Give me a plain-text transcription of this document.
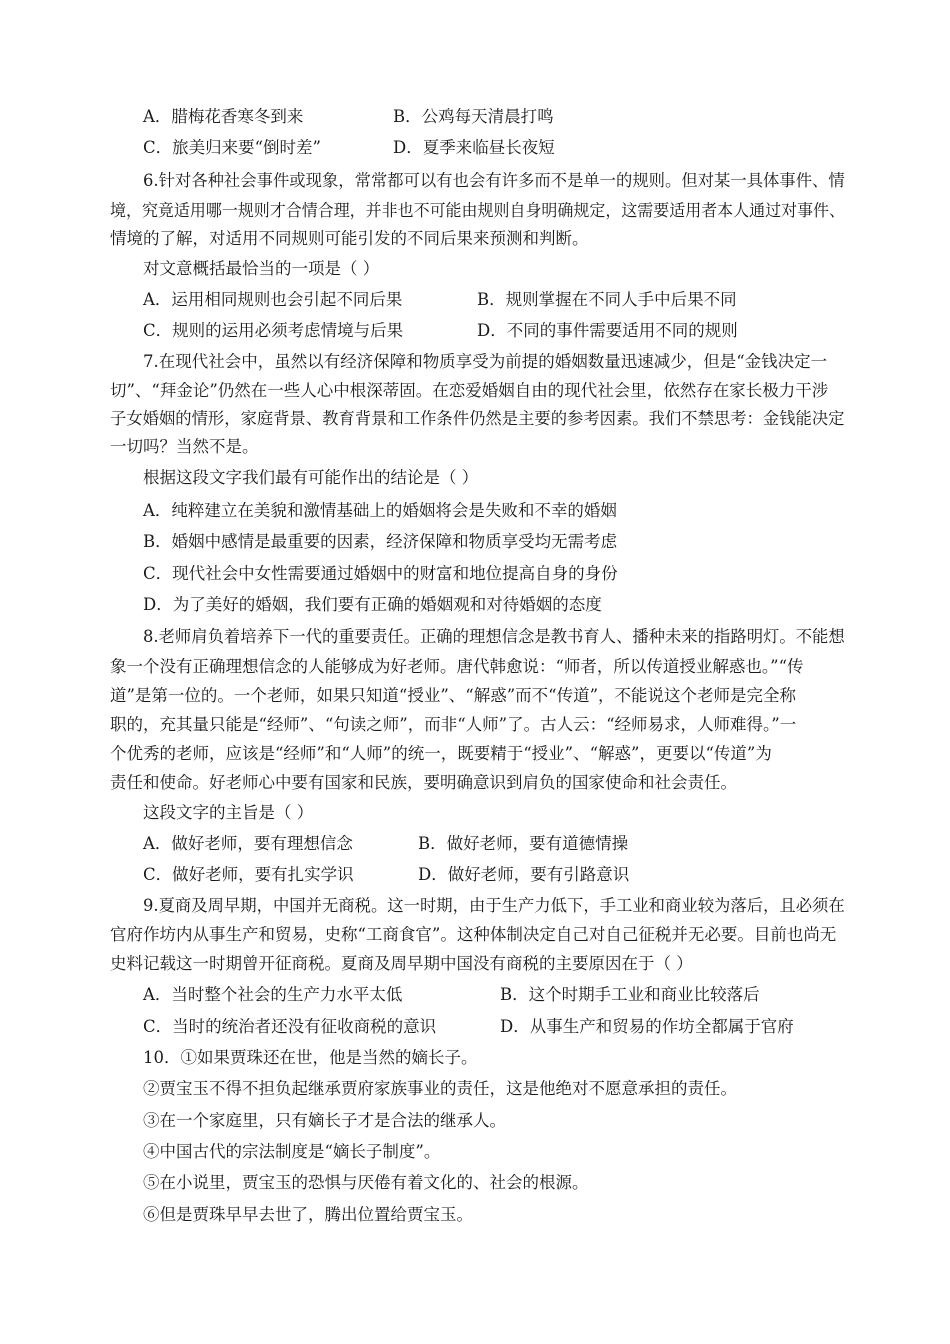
A．腊梅花香寒冬到来	B．公鸡每天清晨打鸣
C．旅美归来要“倒时差”	D．夏季来临昼长夜短
6.针对各种社会事件或现象，常常都可以有也会有许多而不是单一的规则。但对某一具体事件、情
境，究竟适用哪一规则才合情合理，并非也不可能由规则自身明确规定，这需要适用者本人通过对事件、
情境的了解，对适用不同规则可能引发的不同后果来预测和判断。
对文意概括最恰当的一项是（ ）
A．运用相同规则也会引起不同后果	B．规则掌握在不同人手中后果不同
C．规则的运用必须考虑情境与后果	D．不同的事件需要适用不同的规则
7.在现代社会中，虽然以有经济保障和物质享受为前提的婚姻数量迅速减少，但是“金钱决定一
切”、“拜金论”仍然在一些人心中根深蒂固。在恋爱婚姻自由的现代社会里，依然存在家长极力干涉
子女婚姻的情形，家庭背景、教育背景和工作条件仍然是主要的参考因素。我们不禁思考：金钱能决定
一切吗？当然不是。
根据这段文字我们最有可能作出的结论是（ ）
A．纯粹建立在美貌和激情基础上的婚姻将会是失败和不幸的婚姻
B．婚姻中感情是最重要的因素，经济保障和物质享受均无需考虑
C．现代社会中女性需要通过婚姻中的财富和地位提高自身的身份
D．为了美好的婚姻，我们要有正确的婚姻观和对待婚姻的态度
8.老师肩负着培养下一代的重要责任。正确的理想信念是教书育人、播种未来的指路明灯。不能想
象一个没有正确理想信念的人能够成为好老师。唐代韩愈说：“师者，所以传道授业解惑也。”“传
道”是第一位的。一个老师，如果只知道“授业”、“解惑”而不“传道”，不能说这个老师是完全称
职的，充其量只能是“经师”、“句读之师”，而非“人师”了。古人云：“经师易求，人师难得。”一
个优秀的老师，应该是“经师”和“人师”的统一，既要精于“授业”、“解惑”，更要以“传道”为
责任和使命。好老师心中要有国家和民族，要明确意识到肩负的国家使命和社会责任。
这段文字的主旨是（ ）
A．做好老师，要有理想信念	B．做好老师，要有道德情操
C．做好老师，要有扎实学识	D．做好老师，要有引路意识
9.夏商及周早期，中国并无商税。这一时期，由于生产力低下，手工业和商业较为落后，且必须在
官府作坊内从事生产和贸易，史称“工商食官”。这种体制决定自己对自己征税并无必要。目前也尚无
史料记载这一时期曾开征商税。夏商及周早期中国没有商税的主要原因在于（ ）
A．当时整个社会的生产力水平太低	B．这个时期手工业和商业比较落后
C．当时的统治者还没有征收商税的意识	D．从事生产和贸易的作坊全都属于官府
10．①如果贾珠还在世，他是当然的嫡长子。
②贾宝玉不得不担负起继承贾府家族事业的责任，这是他绝对不愿意承担的责任。
③在一个家庭里，只有嫡长子才是合法的继承人。
④中国古代的宗法制度是“嫡长子制度”。
⑤在小说里，贾宝玉的恐惧与厌倦有着文化的、社会的根源。
⑥但是贾珠早早去世了，腾出位置给贾宝玉。
